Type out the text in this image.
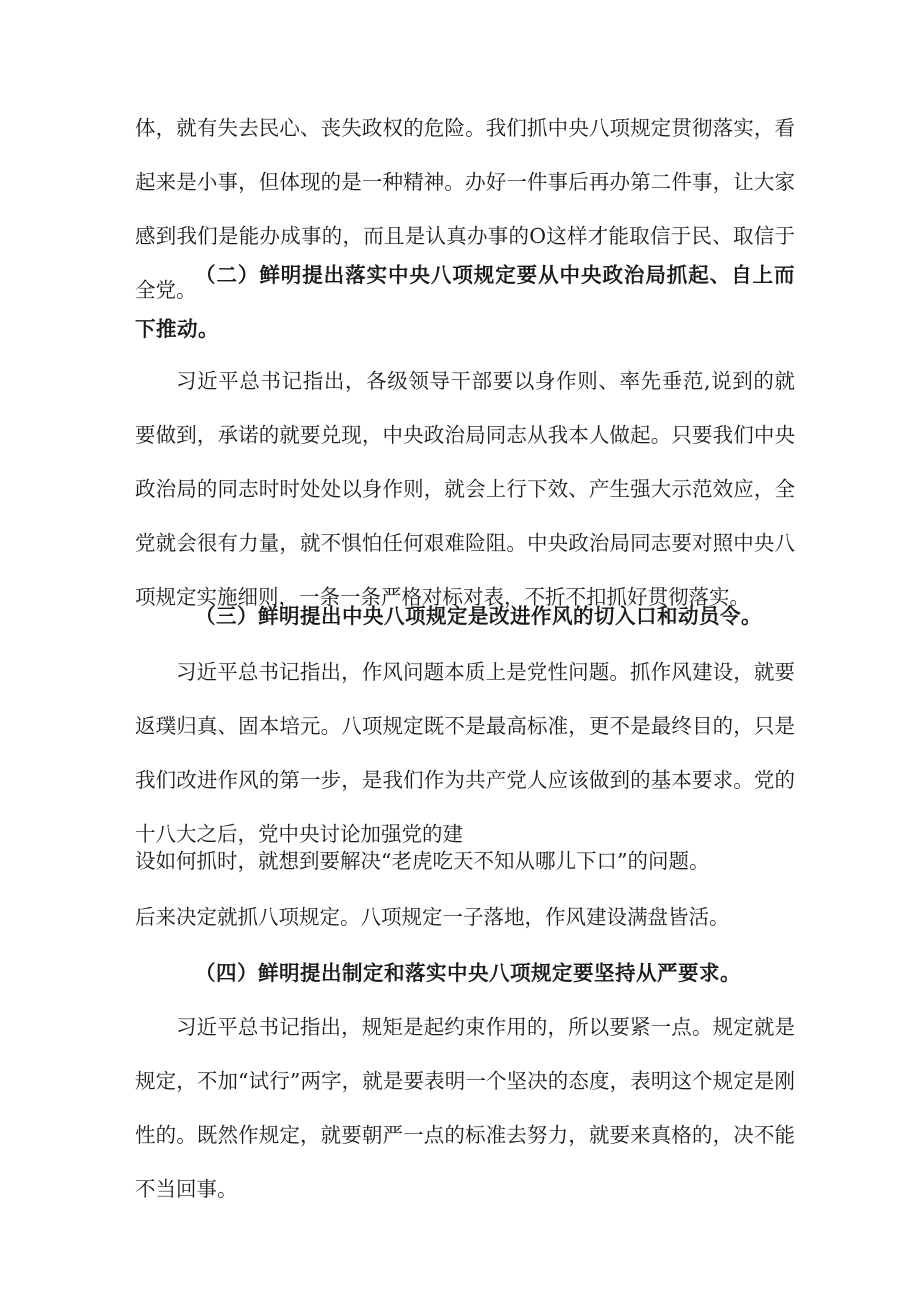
体，就有失去民心、丧失政权的危险。我们抓中央八项规定贯彻落实，看起来是小事，但体现的是一种精神。办好一件事后再办第二件事，让大家感到我们是能办成事的，而且是认真办事的O这样才能取信于民、取信于全党。

（二）鲜明提出落实中央八项规定要从中央政治局抓起、自上而下推动。

习近平总书记指出，各级领导干部要以身作则、率先垂范,说到的就要做到，承诺的就要兑现，中央政治局同志从我本人做起。只要我们中央政治局的同志时时处处以身作则，就会上行下效、产生强大示范效应，全党就会很有力量，就不惧怕任何艰难险阻。中央政治局同志要对照中央八项规定实施细则，一条一条严格对标对表，不折不扣抓好贯彻落实。

（三）鲜明提出中央八项规定是改进作风的切入口和动员令。

习近平总书记指出，作风问题本质上是党性问题。抓作风建设，就要返璞归真、固本培元。八项规定既不是最高标准，更不是最终目的，只是我们改进作风的第一步，是我们作为共产党人应该做到的基本要求。党的十八大之后，党中央讨论加强党的建

设如何抓时，就想到要解决“老虎吃天不知从哪儿下口”的问题。

后来决定就抓八项规定。八项规定一子落地，作风建设满盘皆活。

（四）鲜明提出制定和落实中央八项规定要坚持从严要求。

习近平总书记指出，规矩是起约束作用的，所以要紧一点。规定就是规定，不加“试行”两字，就是要表明一个坚决的态度，表明这个规定是刚性的。既然作规定，就要朝严一点的标准去努力，就要来真格的，决不能不当回事。
